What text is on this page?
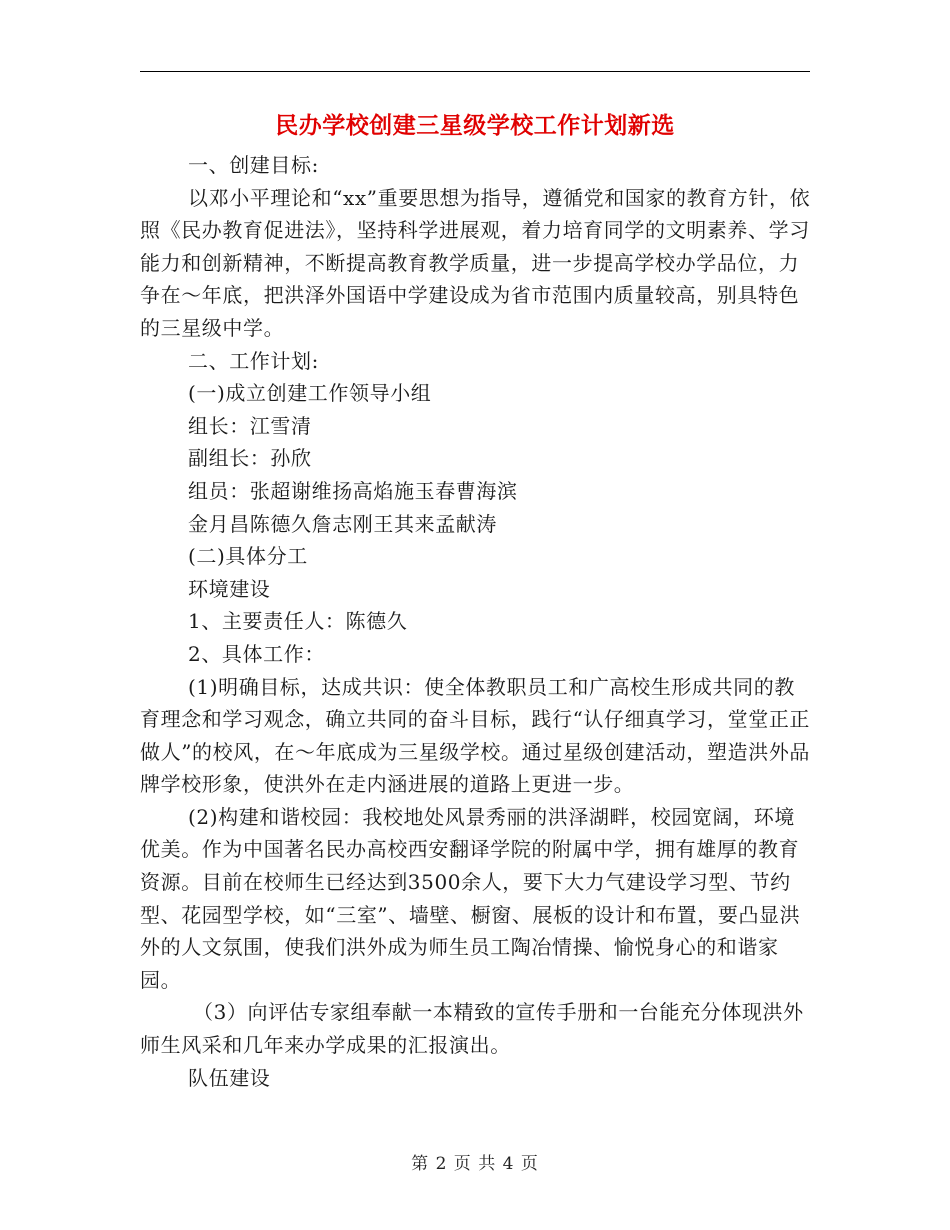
民办学校创建三星级学校工作计划新选

一、创建目标:

以邓小平理论和“xx”重要思想为指导，遵循党和国家的教育方针，依照《民办教育促进法》，坚持科学进展观，着力培育同学的文明素养、学习能力和创新精神，不断提高教育教学质量，进一步提高学校办学品位，力争在～年底，把洪泽外国语中学建设成为省市范围内质量较高，别具特色的三星级中学。

二、工作计划:

(一)成立创建工作领导小组

组长：江雪清

副组长：孙欣

组员：张超谢维扬高焰施玉春曹海滨

金月昌陈德久詹志刚王其来孟献涛

(二)具体分工

环境建设

1、主要责任人：陈德久

2、具体工作：

(1)明确目标，达成共识：使全体教职员工和广高校生形成共同的教育理念和学习观念，确立共同的奋斗目标，践行“认仔细真学习，堂堂正正做人”的校风，在～年底成为三星级学校。通过星级创建活动，塑造洪外品牌学校形象，使洪外在走内涵进展的道路上更进一步。

(2)构建和谐校园：我校地处风景秀丽的洪泽湖畔，校园宽阔，环境优美。作为中国著名民办高校西安翻译学院的附属中学，拥有雄厚的教育资源。目前在校师生已经达到3500余人，要下大力气建设学习型、节约型、花园型学校，如“三室”、墙壁、橱窗、展板的设计和布置，要凸显洪外的人文氛围，使我们洪外成为师生员工陶冶情操、愉悦身心的和谐家园。

（3）向评估专家组奉献一本精致的宣传手册和一台能充分体现洪外师生风采和几年来办学成果的汇报演出。

队伍建设

第 2 页 共 4 页
